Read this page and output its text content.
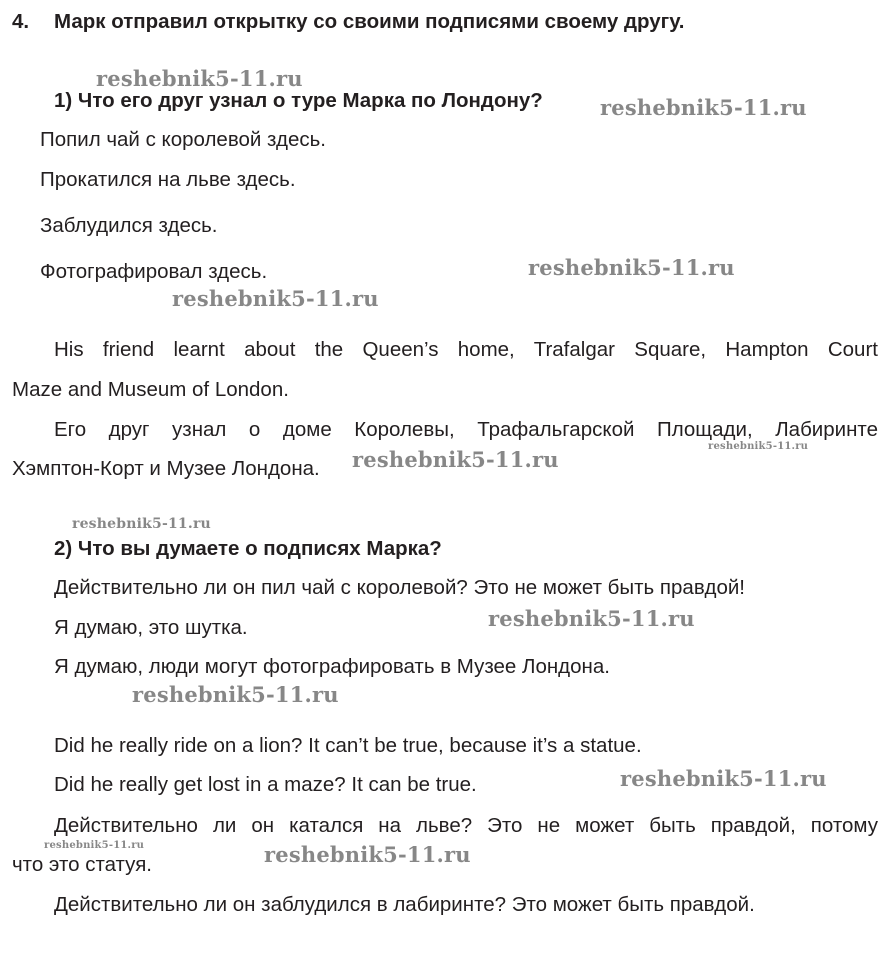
4. Марк отправил открытку со своими подписями своему другу.
1) Что его друг узнал о туре Марка по Лондону?
Попил чай с королевой здесь.
Прокатился на льве здесь.
Заблудился здесь.
Фотографировал здесь.
His friend learnt about the Queen’s home, Trafalgar Square, Hampton Court
Maze and Museum of London.
Его друг узнал о доме Королевы, Трафальгарской Площади, Лабиринте
Хэмптон-Корт и Музее Лондона.
2) Что вы думаете о подписях Марка?
Действительно ли он пил чай с королевой? Это не может быть правдой!
Я думаю, это шутка.
Я думаю, люди могут фотографировать в Музее Лондона.
Did he really ride on a lion? It can’t be true, because it’s a statue.
Did he really get lost in a maze? It can be true.
Действительно ли он катался на льве? Это не может быть правдой, потому
что это статуя.
Действительно ли он заблудился в лабиринте? Это может быть правдой.
reshebnik5-11.ru
reshebnik5-11.ru
reshebnik5-11.ru
reshebnik5-11.ru
reshebnik5-11.ru
reshebnik5-11.ru
reshebnik5-11.ru
reshebnik5-11.ru
reshebnik5-11.ru
reshebnik5-11.ru
reshebnik5-11.ru
reshebnik5-11.ru
